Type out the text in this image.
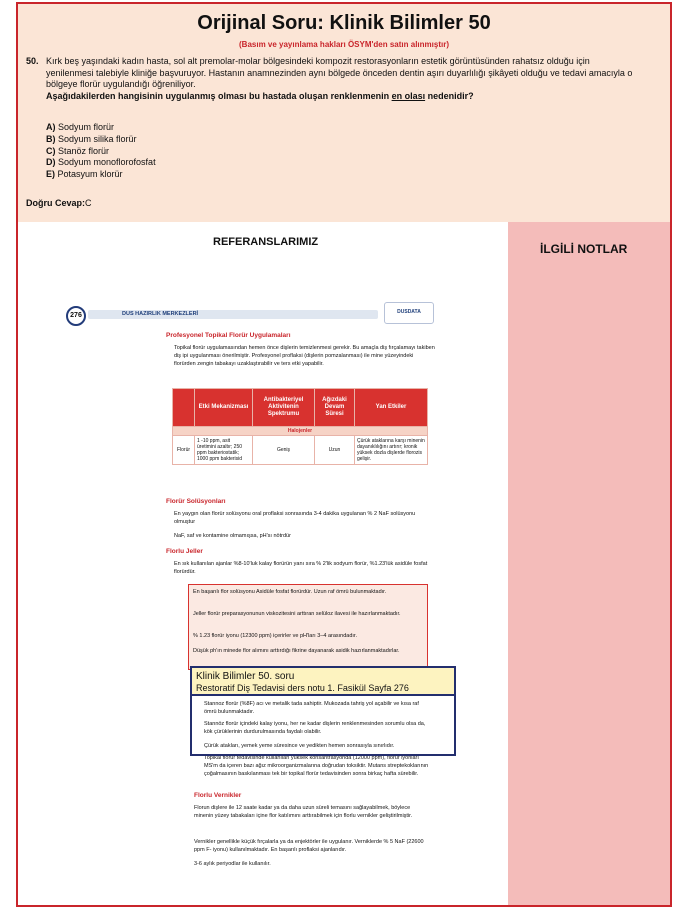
Orijinal Soru: Klinik Bilimler 50
(Basım ve yayınlama hakları ÖSYM'den satın alınmıştır)
50. Kırk beş yaşındaki kadın hasta, sol alt premolar-molar bölgesindeki kompozit restorasyonların estetik görüntüsünden rahatsız olduğu için yenilenmesi talebiyle kliniğe başvuruyor. Hastanın anamnezinden aynı bölgede önceden dentin aşırı duyarlılığı şikâyeti olduğu ve tedavi amacıyla o bölgeye florür uygulandığı öğreniliyor.
Aşağıdakilerden hangisinin uygulanmış olması bu hastada oluşan renklenmenin en olası nedenidir?
A) Sodyum florür
B) Sodyum silika florür
C) Stanöz florür
D) Sodyum monoflorofosfat
E) Potasyum klorür
Doğru Cevap:C
REFERANSLARIMIZ	İLGİLİ NOTLAR
276	DUS HAZIRLIK MERKEZLERİ	DUSDATA
Profesyonel Topikal Florür Uygulamaları
Topikal florür uygulamasından hemen önce dişlerin temizlenmesi gerekir. Bu amaçla diş fırçalamayı takiben diş ipi uygulanması önerilmiştir. Profesyonel proflaksi (dişlerin pomzalanması) ile mine yüzeyindeki florürden zengin tabakayı uzaklaştırabilir ve ters etki yapabilir.
	Etki Mekanizması	Antibakteriyel Aktivitenin Spektrumu	Ağızdaki Devam Süresi	Yan Etkiler
Halojenler				
Florür	1 -10 ppm, asit üretimini azaltır; 250 ppm bakteriostatik; 1000 ppm bakterisid	Geniş	Uzun	Çürük ataklarına karşı minenin dayanıklılığını artırır; kronik yüksek dozla dişlerde florozis gelişir.
Florür Solüsyonları
En yaygın olan florür solüsyonu oral proflaksi sonrasında 3-4 dakika uygulanan % 2 NaF solüsyonu olmuştur
NaF, saf ve kontamine olmamışsa, pH'sı nötrdür
Florlu Jeller
En sık kullanılan ajanlar %8-10'luk kalay florürün yanı sıra % 2'lik sodyum florür, %1.23'lük asidüle fosfat florürdür.
En başarılı flor solüsyonu Asidüle fosfat florürdür. Uzun raf ömrü bulunmaktadır.
Jeller florür preparasyonunun viskozitesini arttıran selüloz ilavesi ile hazırlanmaktadır.
% 1.23 florür iyonu (12300 ppm) içerirler ve pH'ları 3–4 arasındadır.
Düşük ph'ın minede flor alımını arttırdığı fikrine dayanarak asidik hazırlanmaktadırlar.
Stannoz florür (%8F) acı ve metalik tada sahiptir. Mukozada tahriş yol açabilir ve kısa raf ömrü bulunmaktadır.
Stannöz florür içindeki kalay iyonu, her ne kadar dişlerin renklenmesinden sorumlu olsa da, kök çürüklerinin durdurulmasında faydalı olabilir.
Çürük atakları, yemek yeme süresince ve yedikten hemen sonrasıyla sınırlıdır.
Topikal florür tedavisinde kullanılan yüksek konsantrasyonda (12000 ppm), florür iyonları MS'm da içeren bazı ağız mikroorganizmalarına doğrudan toksiktir. Mutans streptekoklarının çoğalmasının baskılanması tek bir topikal florür tedavisinden sonra birkaç hafta sürebilir.
Florlu Vernikler
Florun dişlere ile 12 saate kadar ya da daha uzun süreli temasını sağlayabilmek, böylece minenin yüzey tabakaları içine flor katılımını arttırabilmek için florlu vernikler geliştirilmiştir.
Vernikler genellikle küçük fırçalarla ya da enjektörler ile uygulanır. Verniklerde % 5 NaF (22600 ppm F- iyonu) kullanılmaktadır. En başarılı proflaksi ajanlarıdır.
3-6 aylık periyodlar ile kullanılır.
Klinik Bilimler 50. soru
Restoratif Diş Tedavisi ders notu 1. Fasikül Sayfa 276
